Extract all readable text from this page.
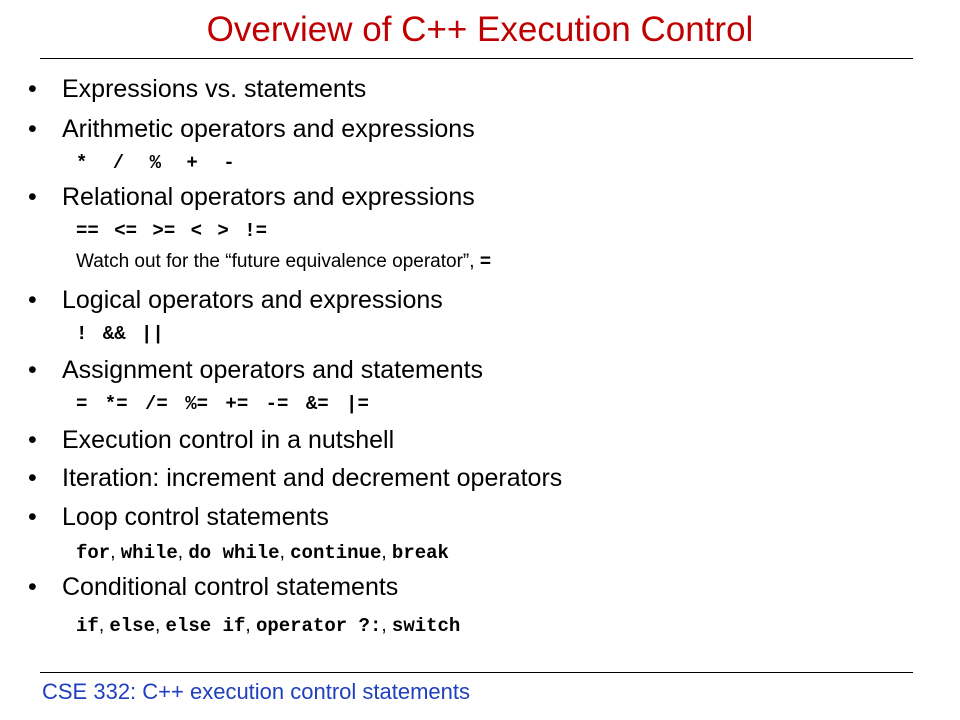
Overview of C++ Execution Control
• Expressions vs. statements
• Arithmetic operators and expressions
* / % + -
• Relational operators and expressions
== <= >= < > !=
Watch out for the “future equivalence operator”, =
• Logical operators and expressions
! && ||
• Assignment operators and statements
= *= /= %= += -= &= |=
• Execution control in a nutshell
• Iteration: increment and decrement operators
• Loop control statements
for, while, do while, continue, break
• Conditional control statements
if, else, else if, operator ?:, switch
CSE 332: C++ execution control statements
